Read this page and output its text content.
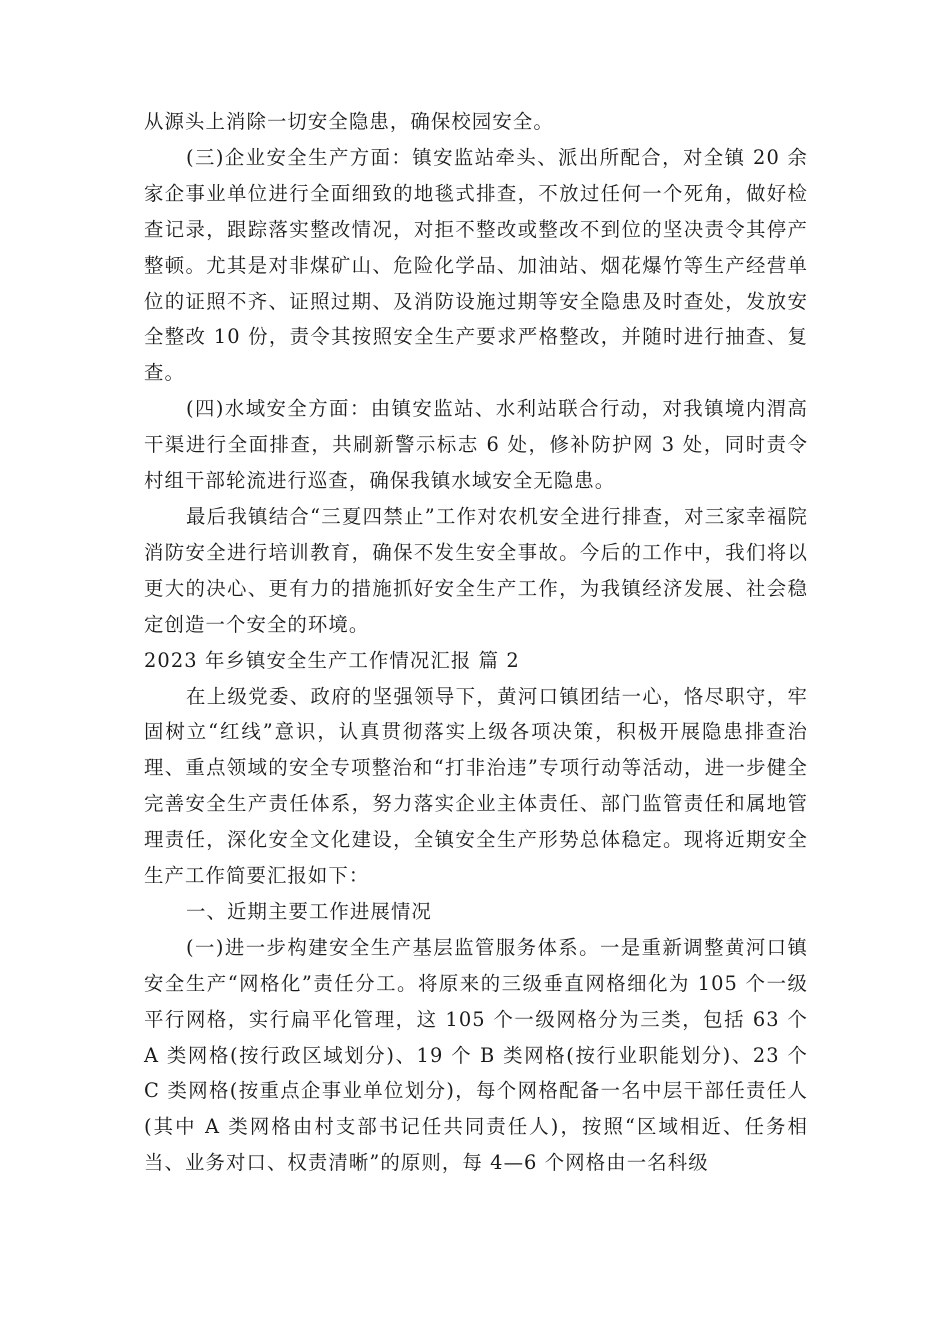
从源头上消除一切安全隐患，确保校园安全。

(三)企业安全生产方面：镇安监站牵头、派出所配合，对全镇 20 余家企事业单位进行全面细致的地毯式排查，不放过任何一个死角，做好检查记录，跟踪落实整改情况，对拒不整改或整改不到位的坚决责令其停产整顿。尤其是对非煤矿山、危险化学品、加油站、烟花爆竹等生产经营单位的证照不齐、证照过期、及消防设施过期等安全隐患及时查处，发放安全整改 10 份，责令其按照安全生产要求严格整改，并随时进行抽查、复查。

(四)水域安全方面：由镇安监站、水利站联合行动，对我镇境内渭高干渠进行全面排查，共刷新警示标志 6 处，修补防护网 3 处，同时责令村组干部轮流进行巡查，确保我镇水域安全无隐患。

最后我镇结合“三夏四禁止”工作对农机安全进行排查，对三家幸福院消防安全进行培训教育，确保不发生安全事故。今后的工作中，我们将以更大的决心、更有力的措施抓好安全生产工作，为我镇经济发展、社会稳定创造一个安全的环境。

2023 年乡镇安全生产工作情况汇报 篇 2

在上级党委、政府的坚强领导下，黄河口镇团结一心，恪尽职守，牢固树立“红线”意识，认真贯彻落实上级各项决策，积极开展隐患排查治理、重点领域的安全专项整治和“打非治违”专项行动等活动，进一步健全完善安全生产责任体系，努力落实企业主体责任、部门监管责任和属地管理责任，深化安全文化建设，全镇安全生产形势总体稳定。现将近期安全生产工作简要汇报如下：

一、近期主要工作进展情况

(一)进一步构建安全生产基层监管服务体系。一是重新调整黄河口镇安全生产“网格化”责任分工。将原来的三级垂直网格细化为 105 个一级平行网格，实行扁平化管理，这 105 个一级网格分为三类，包括 63 个 A 类网格(按行政区域划分)、19 个 B 类网格(按行业职能划分)、23 个 C 类网格(按重点企事业单位划分)，每个网格配备一名中层干部任责任人(其中 A 类网格由村支部书记任共同责任人)，按照“区域相近、任务相当、业务对口、权责清晰”的原则，每 4—6 个网格由一名科级
